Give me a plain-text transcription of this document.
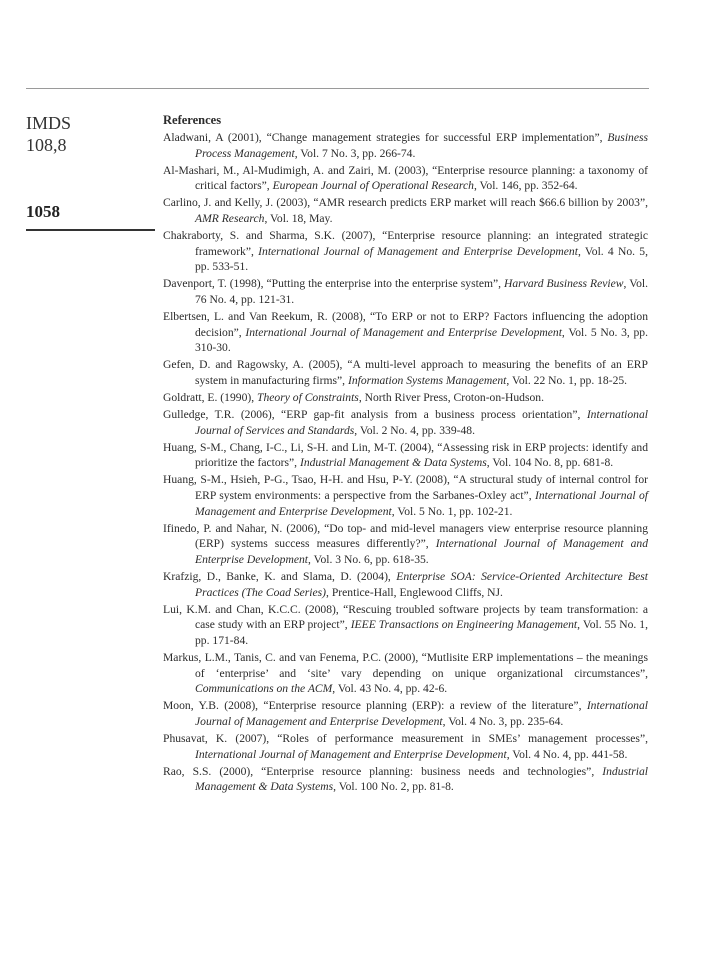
IMDS
108,8
1058
References
Aladwani, A (2001), “Change management strategies for successful ERP implementation”, Business Process Management, Vol. 7 No. 3, pp. 266-74.
Al-Mashari, M., Al-Mudimigh, A. and Zairi, M. (2003), “Enterprise resource planning: a taxonomy of critical factors”, European Journal of Operational Research, Vol. 146, pp. 352-64.
Carlino, J. and Kelly, J. (2003), “AMR research predicts ERP market will reach $66.6 billion by 2003”, AMR Research, Vol. 18, May.
Chakraborty, S. and Sharma, S.K. (2007), “Enterprise resource planning: an integrated strategic framework”, International Journal of Management and Enterprise Development, Vol. 4 No. 5, pp. 533-51.
Davenport, T. (1998), “Putting the enterprise into the enterprise system”, Harvard Business Review, Vol. 76 No. 4, pp. 121-31.
Elbertsen, L. and Van Reekum, R. (2008), “To ERP or not to ERP? Factors influencing the adoption decision”, International Journal of Management and Enterprise Development, Vol. 5 No. 3, pp. 310-30.
Gefen, D. and Ragowsky, A. (2005), “A multi-level approach to measuring the benefits of an ERP system in manufacturing firms”, Information Systems Management, Vol. 22 No. 1, pp. 18-25.
Goldratt, E. (1990), Theory of Constraints, North River Press, Croton-on-Hudson.
Gulledge, T.R. (2006), “ERP gap-fit analysis from a business process orientation”, International Journal of Services and Standards, Vol. 2 No. 4, pp. 339-48.
Huang, S-M., Chang, I-C., Li, S-H. and Lin, M-T. (2004), “Assessing risk in ERP projects: identify and prioritize the factors”, Industrial Management & Data Systems, Vol. 104 No. 8, pp. 681-8.
Huang, S-M., Hsieh, P-G., Tsao, H-H. and Hsu, P-Y. (2008), “A structural study of internal control for ERP system environments: a perspective from the Sarbanes-Oxley act”, International Journal of Management and Enterprise Development, Vol. 5 No. 1, pp. 102-21.
Ifinedo, P. and Nahar, N. (2006), “Do top- and mid-level managers view enterprise resource planning (ERP) systems success measures differently?”, International Journal of Management and Enterprise Development, Vol. 3 No. 6, pp. 618-35.
Krafzig, D., Banke, K. and Slama, D. (2004), Enterprise SOA: Service-Oriented Architecture Best Practices (The Coad Series), Prentice-Hall, Englewood Cliffs, NJ.
Lui, K.M. and Chan, K.C.C. (2008), “Rescuing troubled software projects by team transformation: a case study with an ERP project”, IEEE Transactions on Engineering Management, Vol. 55 No. 1, pp. 171-84.
Markus, L.M., Tanis, C. and van Fenema, P.C. (2000), “Mutlisite ERP implementations – the meanings of ‘enterprise’ and ‘site’ vary depending on unique organizational circumstances”, Communications on the ACM, Vol. 43 No. 4, pp. 42-6.
Moon, Y.B. (2008), “Enterprise resource planning (ERP): a review of the literature”, International Journal of Management and Enterprise Development, Vol. 4 No. 3, pp. 235-64.
Phusavat, K. (2007), “Roles of performance measurement in SMEs’ management processes”, International Journal of Management and Enterprise Development, Vol. 4 No. 4, pp. 441-58.
Rao, S.S. (2000), “Enterprise resource planning: business needs and technologies”, Industrial Management & Data Systems, Vol. 100 No. 2, pp. 81-8.
